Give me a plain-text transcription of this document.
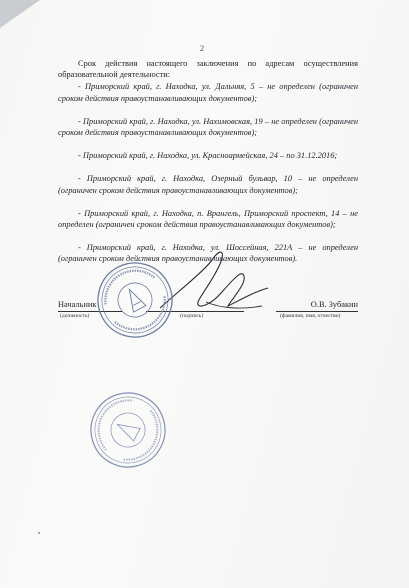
2
Срок действия настоящего заключения по адресам осуществления образовательной деятельности:
- Приморский край, г. Находка, ул. Дальняя, 5 – не определен (ограничен сроком действия правоустанавливающих документов);
- Приморский край, г. Находка, ул. Нахимовская, 19 – не определен (ограничен сроком действия правоустанавливающих документов);
- Приморский край, г. Находка, ул. Красноармейская, 24 – по 31.12.2016;
- Приморский край, г. Находка, Озерный бульвар, 10 – не определен (ограничен сроком действия правоустанавливающих документов);
- Приморский край, г. Находка, п. Врангель, Приморский проспект, 14 – не определен (ограничен сроком действия правоустанавливающих документов);
- Приморский край, г. Находка, ул. Шоссейная, 221А – не определен (ограничен сроком действия правоустанавливающих документов).
Начальник
(должность)	(подпись)
О.В. Зубакин
(фамилия, имя, отчество)
